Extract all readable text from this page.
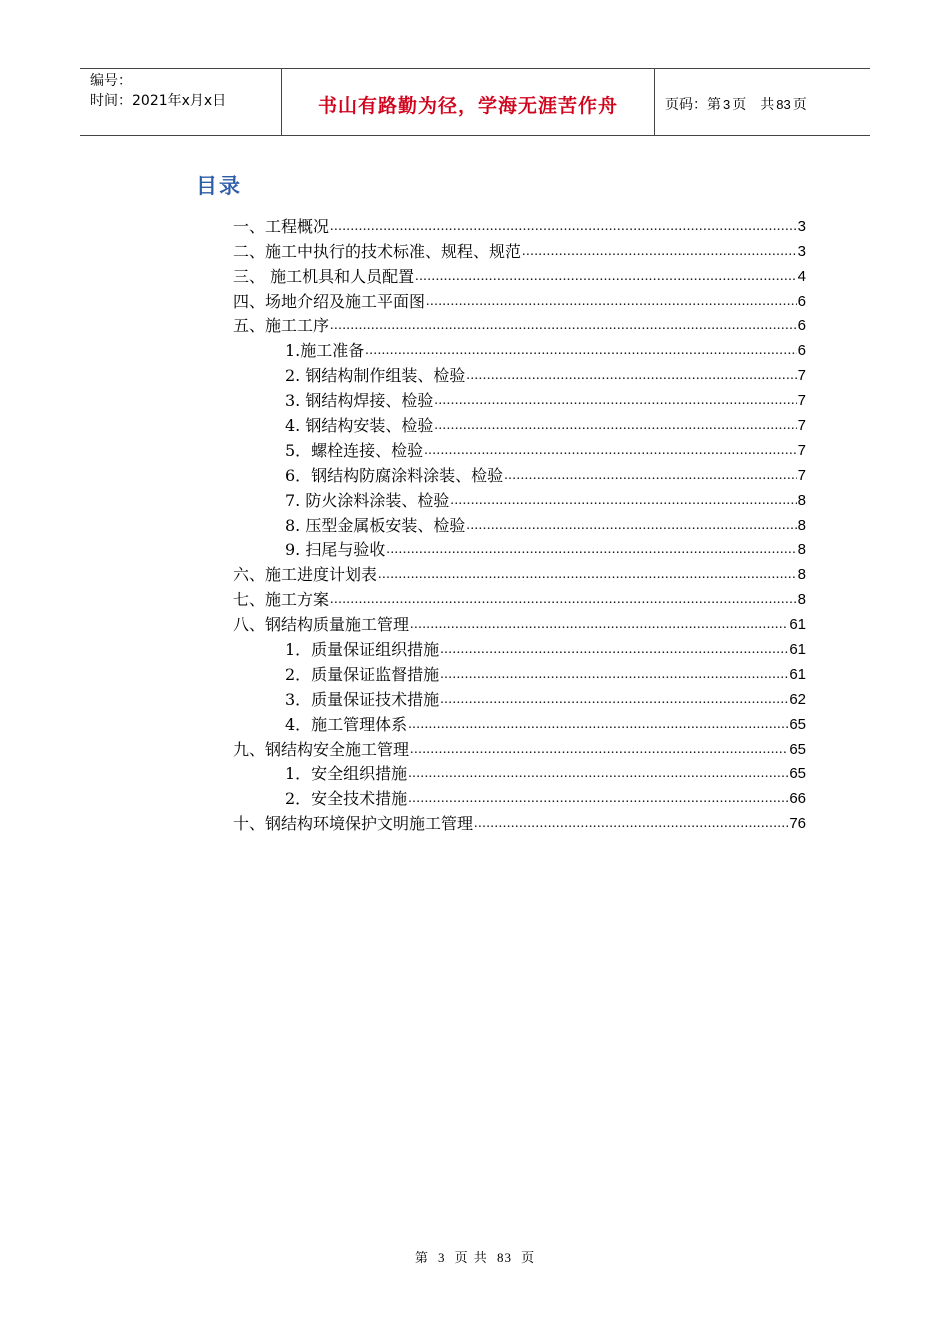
编号：
时间：2021年x月x日	书山有路勤为径，学海无涯苦作舟	页码：第 3 页　共 83 页
目录
一、工程概况 .....	3
二、施工中执行的技术标准、规程、规范 .....	3
三、 施工机具和人员配置 .....	4
四、场地介绍及施工平面图 .....	6
五、施工工序 .....	6
1.施工准备 .....	6
2. 钢结构制作组装、检验 .....	7
3. 钢结构焊接、检验 .....	7
4. 钢结构安装、检验 .....	7
5．螺栓连接、检验 .....	7
6．钢结构防腐涂料涂装、检验 .....	7
7. 防火涂料涂装、检验 .....	8
8. 压型金属板安装、检验 .....	8
9. 扫尾与验收 .....	8
六、施工进度计划表 .....	8
七、施工方案 .....	8
八、钢结构质量施工管理 .....	61
1．质量保证组织措施 .....	61
2．质量保证监督措施 .....	61
3．质量保证技术措施 .....	62
4．施工管理体系 .....	65
九、钢结构安全施工管理 .....	65
1．安全组织措施 .....	65
2．安全技术措施 .....	66
十、钢结构环境保护文明施工管理 .....	76
第 3 页 共 83 页
